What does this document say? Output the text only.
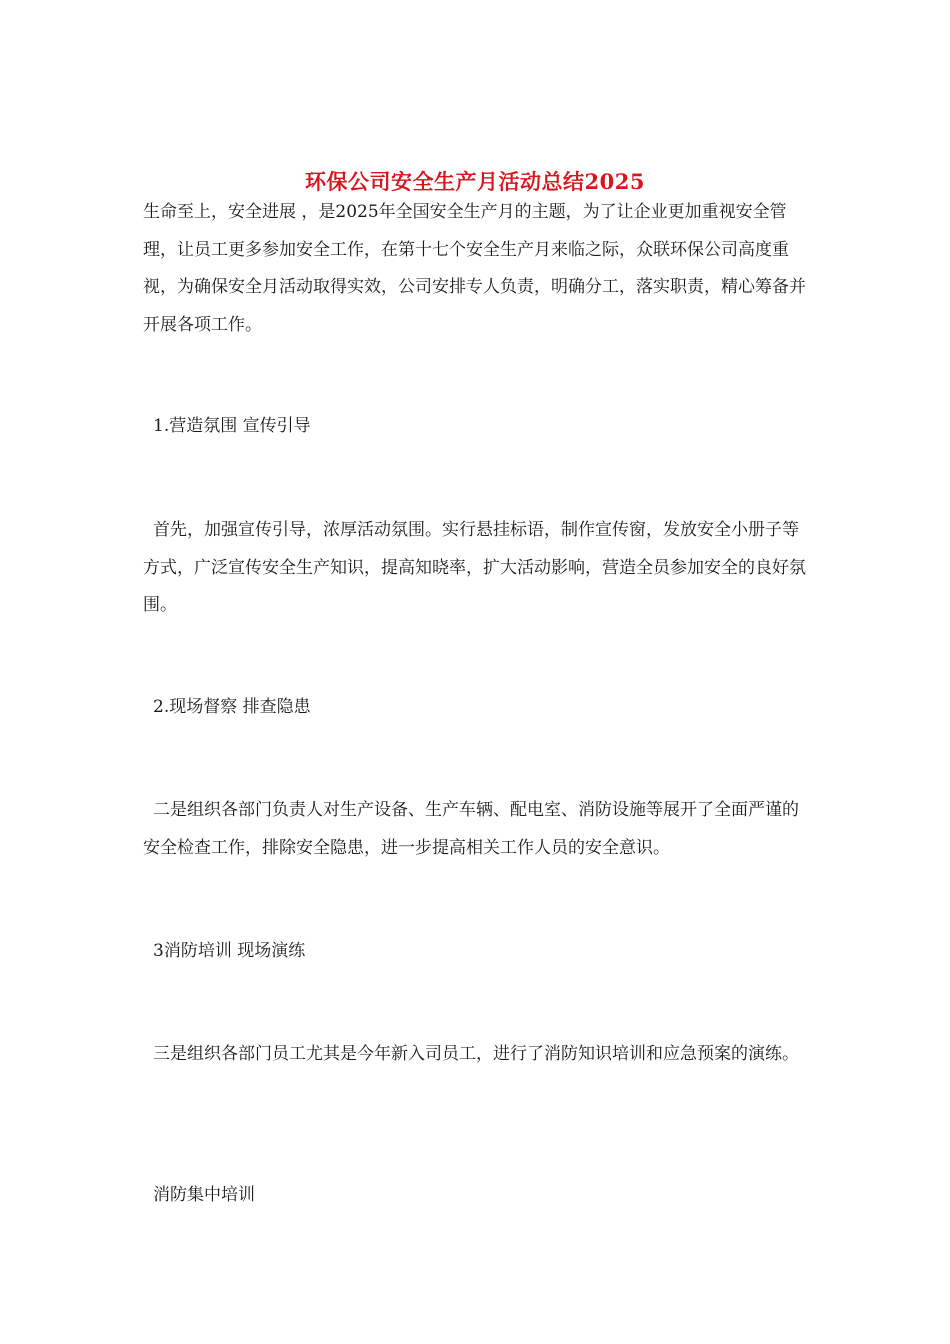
环保公司安全生产月活动总结2025

生命至上，安全进展 ，是2025年全国安全生产月的主题，为了让企业更加重视安全管理，让员工更多参加安全工作，在第十七个安全生产月来临之际，众联环保公司高度重视，为确保安全月活动取得实效，公司安排专人负责，明确分工，落实职责，精心筹备并开展各项工作。

1.营造氛围 宣传引导

首先，加强宣传引导，浓厚活动氛围。实行悬挂标语，制作宣传窗，发放安全小册子等方式，广泛宣传安全生产知识，提高知晓率，扩大活动影响，营造全员参加安全的良好氛围。

2.现场督察 排查隐患

二是组织各部门负责人对生产设备、生产车辆、配电室、消防设施等展开了全面严谨的安全检查工作，排除安全隐患，进一步提高相关工作人员的安全意识。

3消防培训 现场演练

三是组织各部门员工尤其是今年新入司员工，进行了消防知识培训和应急预案的演练。

消防集中培训
